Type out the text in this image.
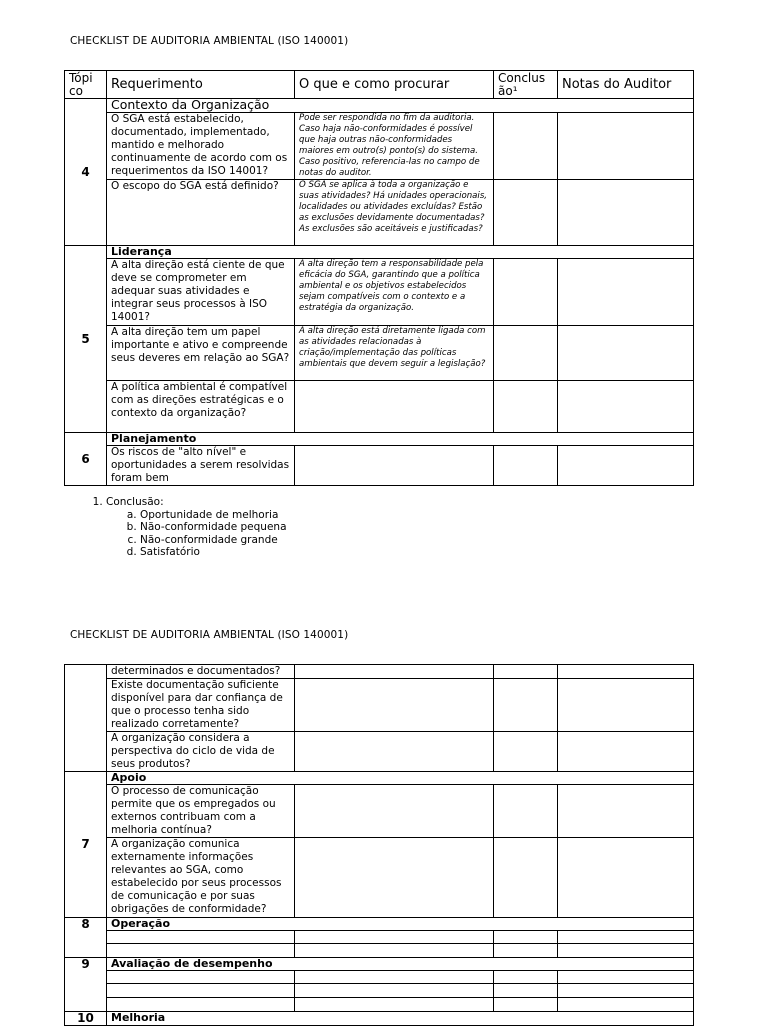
CHECKLIST DE AUDITORIA AMBIENTAL (ISO 140001)
Tópi co	Requerimento	O que e como procurar	Conclus ão¹	Notas do Auditor
4	Contexto da Organização			
	O SGA está estabelecido, documentado, implementado, mantido e melhorado continuamente de acordo com os requerimentos da ISO 14001?	Pode ser respondida no fim da auditoria. Caso haja não-conformidades é possível que haja outras não-conformidades maiores em outro(s) ponto(s) do sistema. Caso positivo, referencia-las no campo de notas do auditor.		
	O escopo do SGA está definido?	O SGA se aplica à toda a organização e suas atividades? Há unidades operacionais, localidades ou atividades excluídas? Estão as exclusões devidamente documentadas? As exclusões são aceitáveis e justificadas?		
5	Liderança			
	A alta direção está ciente de que deve se comprometer em adequar suas atividades e integrar seus processos à ISO 14001?	A alta direção tem a responsabilidade pela eficácia do SGA, garantindo que a política ambiental e os objetivos estabelecidos sejam compatíveis com o contexto e a estratégia da organização.		
	A alta direção tem um papel importante e ativo e compreende seus deveres em relação ao SGA?	A alta direção está diretamente ligada com as atividades relacionadas à criação/implementação das políticas ambientais que devem seguir a legislação?		
	A política ambiental é compatível com as direções estratégicas e o contexto da organização?			
6	Planejamento			
	Os riscos de "alto nível" e oportunidades a serem resolvidas foram bem			
1. Conclusão:
a. Oportunidade de melhoria
b. Não-conformidade pequena
c. Não-conformidade grande
d. Satisfatório
CHECKLIST DE AUDITORIA AMBIENTAL (ISO 140001)
	determinados e documentados?			
	Existe documentação suficiente disponível para dar confiança de que o processo tenha sido realizado corretamente?			
	A organização considera a perspectiva do ciclo de vida de seus produtos?			
7	Apoio			
	O processo de comunicação permite que os empregados ou externos contribuam com a melhoria contínua?			
	A organização comunica externamente informações relevantes ao SGA, como estabelecido por seus processos de comunicação e por suas obrigações de conformidade?			
8	Operação			

9	Avaliação de desempenho			

10	Melhoria			
